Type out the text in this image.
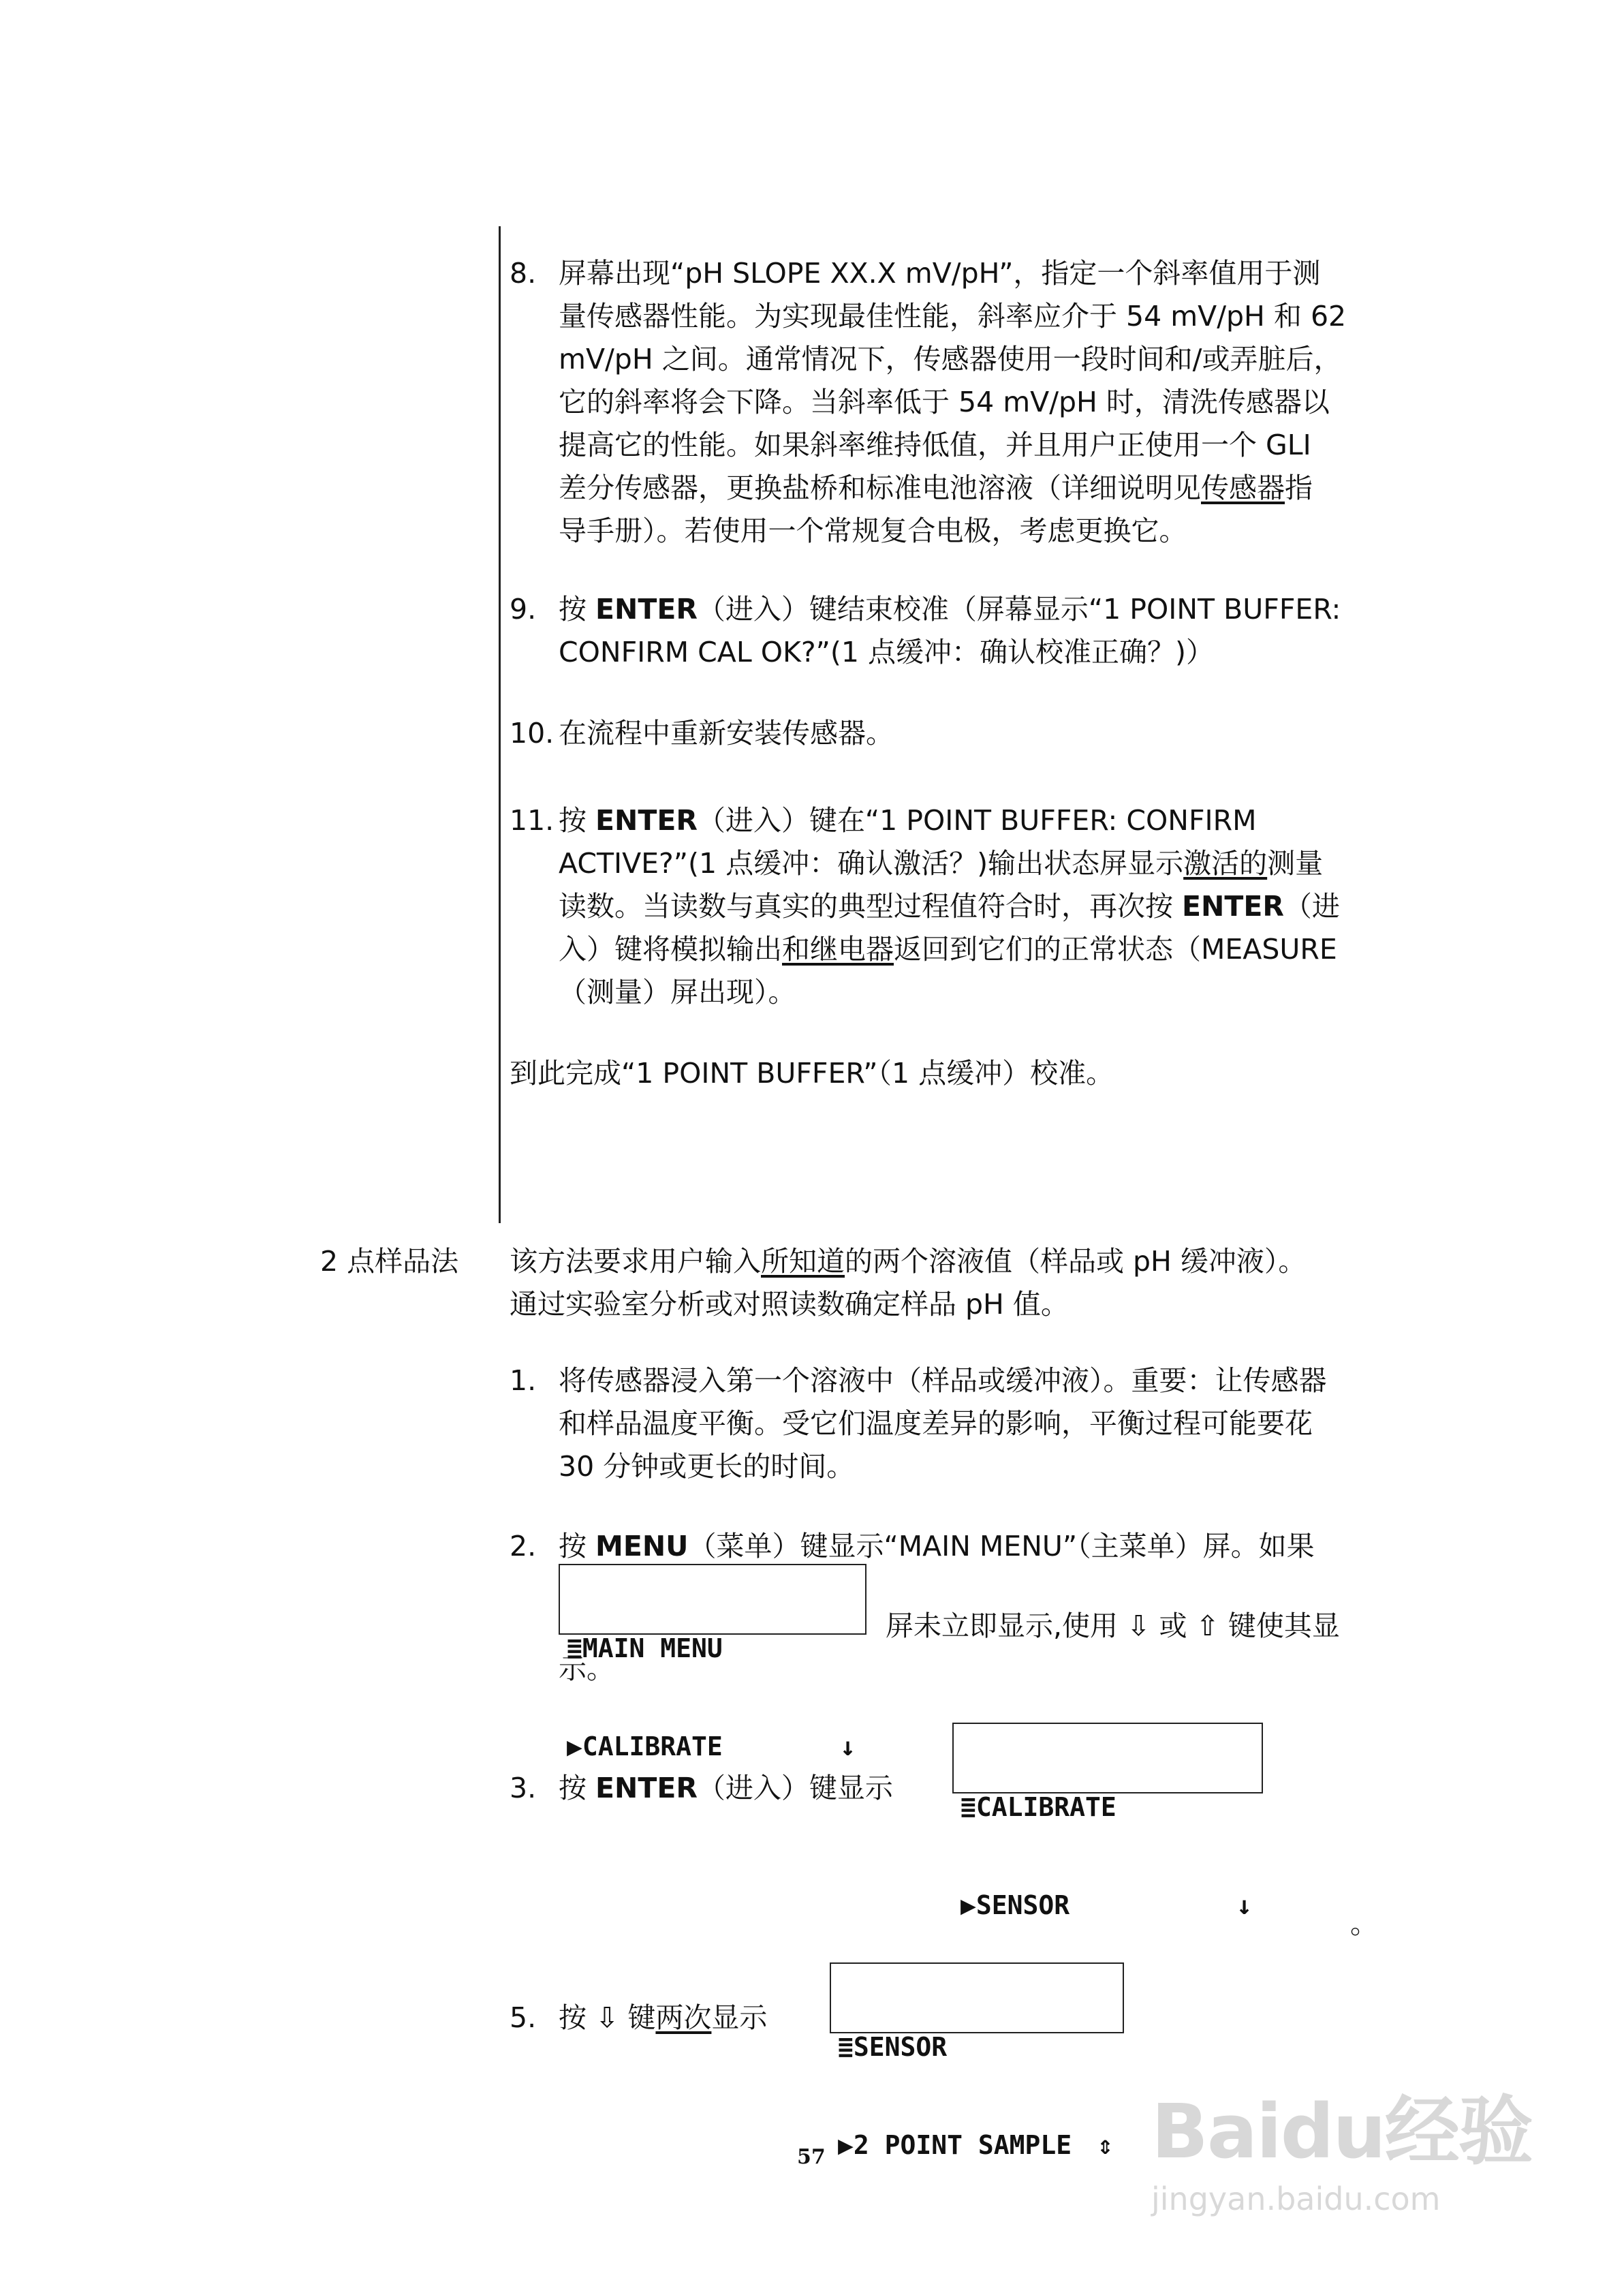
8. 屏幕出现“pH SLOPE XX.X mV/pH”，指定一个斜率值用于测
量传感器性能。为实现最佳性能，斜率应介于 54 mV/pH 和 62
mV/pH 之间。通常情况下，传感器使用一段时间和/或弄脏后，
它的斜率将会下降。当斜率低于 54 mV/pH 时，清洗传感器以
提高它的性能。如果斜率维持低值，并且用户正使用一个 GLI
差分传感器，更换盐桥和标准电池溶液（详细说明见传感器指
导手册）。若使用一个常规复合电极，考虑更换它。
9. 按 ENTER（进入）键结束校准（屏幕显示“1 POINT BUFFER:
CONFIRM CAL OK?”(1 点缓冲：确认校准正确？)）
10. 在流程中重新安装传感器。
11. 按 ENTER（进入）键在“1 POINT BUFFER: CONFIRM
ACTIVE?”(1 点缓冲：确认激活？)输出状态屏显示激活的测量
读数。当读数与真实的典型过程值符合时，再次按 ENTER（进
入）键将模拟输出和继电器返回到它们的正常状态（MEASURE
（测量）屏出现）。
到此完成“1 POINT BUFFER”（1 点缓冲）校准。
2 点样品法 该方法要求用户输入所知道的两个溶液值（样品或 pH 缓冲液）。
通过实验室分析或对照读数确定样品 pH 值。
1. 将传感器浸入第一个溶液中（样品或缓冲液）。重要：让传感器
和样品温度平衡。受它们温度差异的影响，平衡过程可能要花
30 分钟或更长的时间。
2. 按 MENU（菜单）键显示“MAIN MENU”（主菜单）屏。如果

≣MAIN MENU

▶CALIBRATE	↓

屏未立即显示,使用 ⇩ 或 ⇧ 键使其显
示。
3. 按 ENTER（进入）键显示

≣CALIBRATE

▶SENSOR	↓

。
5. 按 ⇩ 键两次显示

≣SENSOR

▶2 POINT SAMPLE ⇕

57	Baidu经验
jingyan.baidu.com
